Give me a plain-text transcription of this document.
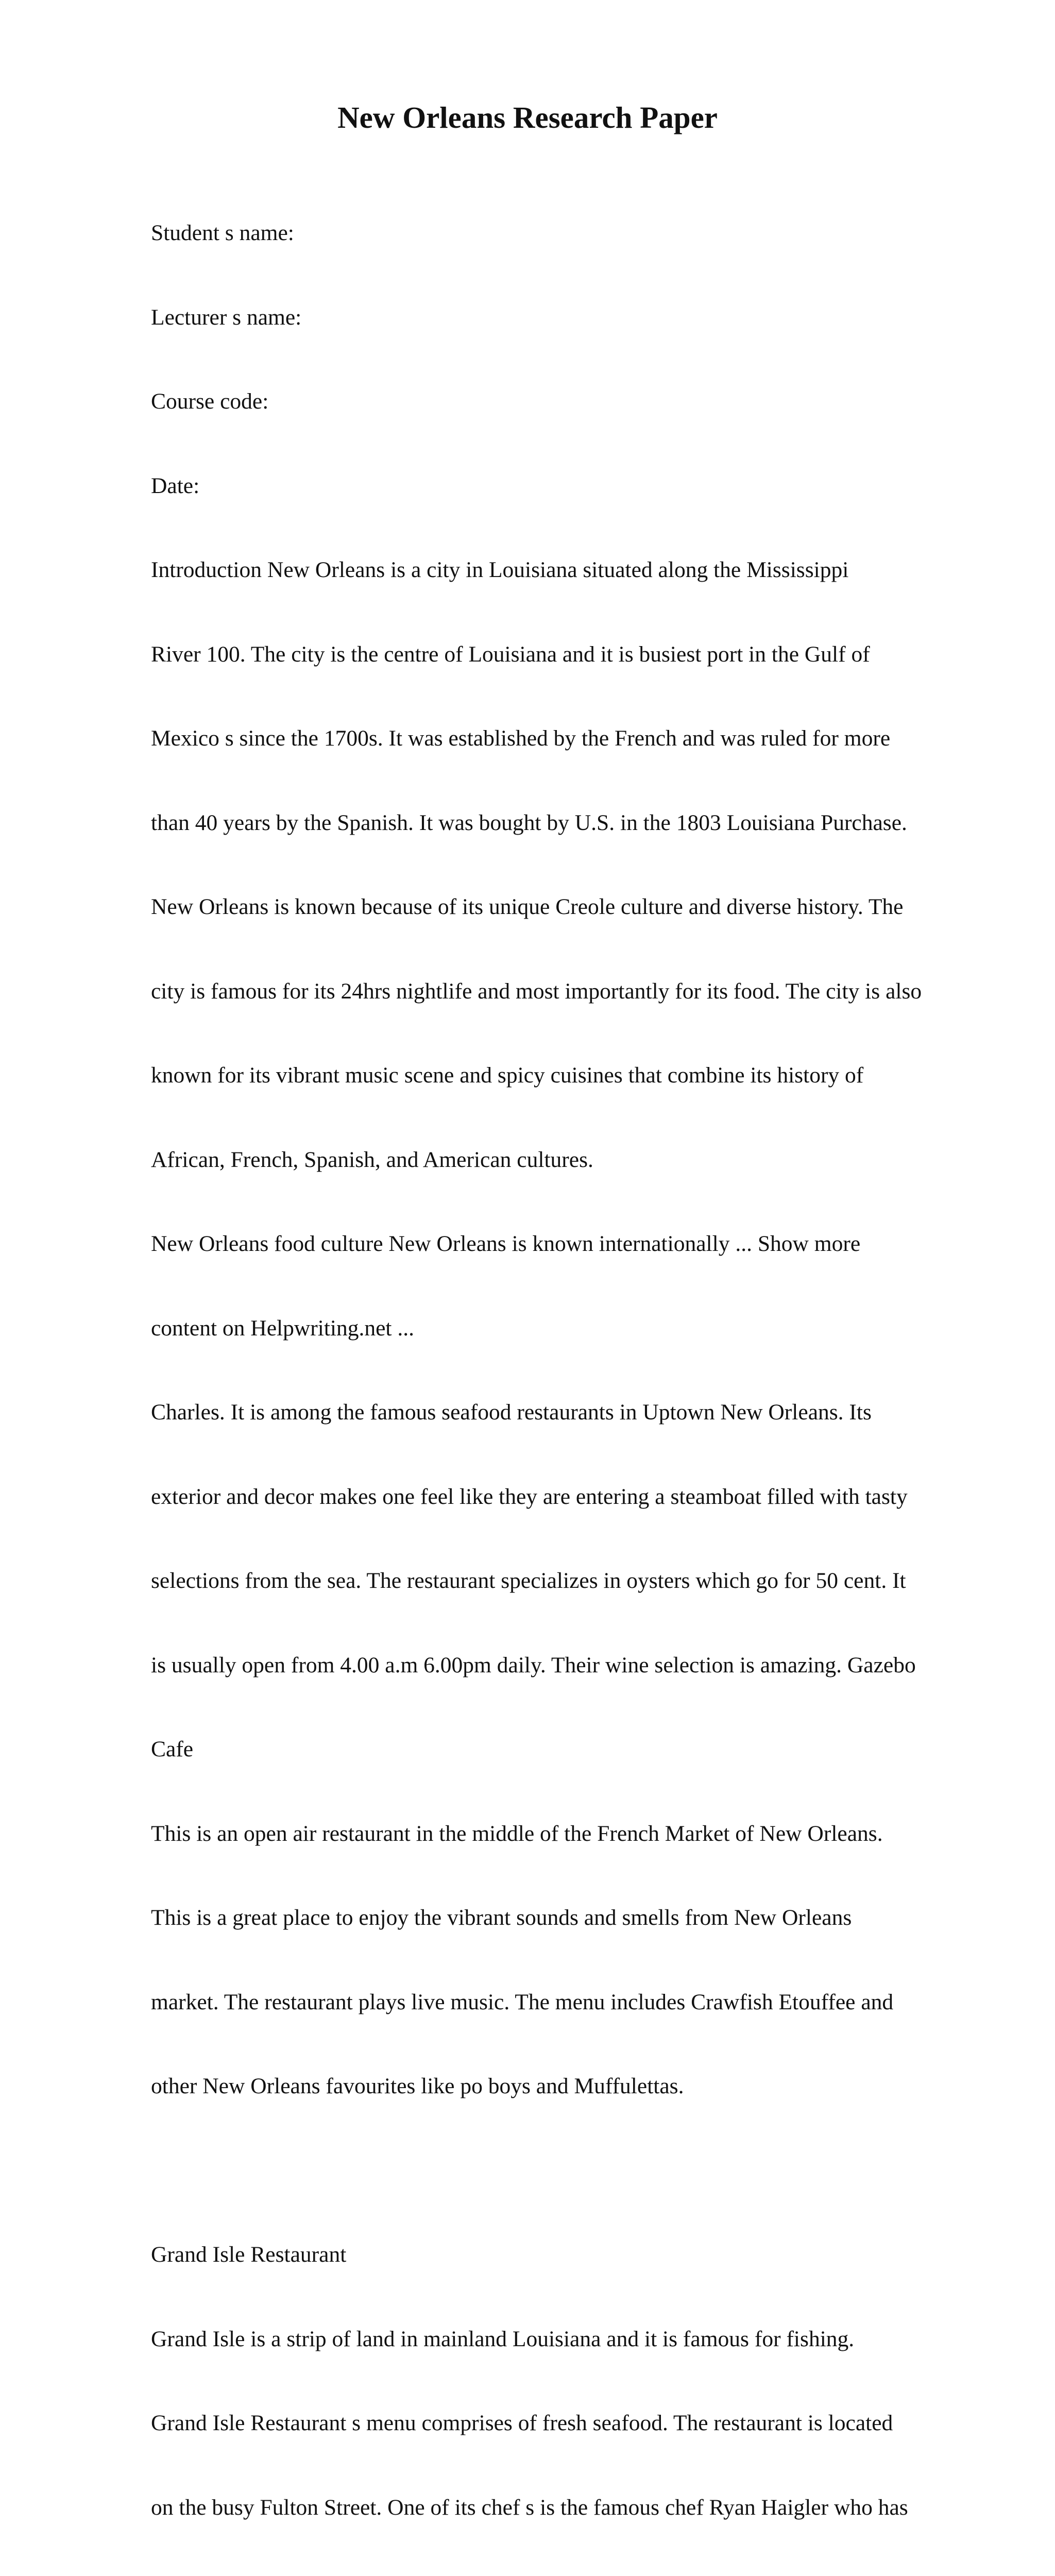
New Orleans Research Paper

Student s name:

Lecturer s name:

Course code:

Date:

Introduction New Orleans is a city in Louisiana situated along the Mississippi

River 100. The city is the centre of Louisiana and it is busiest port in the Gulf of

Mexico s since the 1700s. It was established by the French and was ruled for more

than 40 years by the Spanish. It was bought by U.S. in the 1803 Louisiana Purchase.

New Orleans is known because of its unique Creole culture and diverse history. The

city is famous for its 24hrs nightlife and most importantly for its food. The city is also

known for its vibrant music scene and spicy cuisines that combine its history of

African, French, Spanish, and American cultures.

New Orleans food culture New Orleans is known internationally ... Show more

content on Helpwriting.net ...

Charles. It is among the famous seafood restaurants in Uptown New Orleans. Its

exterior and decor makes one feel like they are entering a steamboat filled with tasty

selections from the sea. The restaurant specializes in oysters which go for 50 cent. It

is usually open from 4.00 a.m 6.00pm daily. Their wine selection is amazing. Gazebo

Cafe

This is an open air restaurant in the middle of the French Market of New Orleans.

This is a great place to enjoy the vibrant sounds and smells from New Orleans

market. The restaurant plays live music. The menu includes Crawfish Etouffee and

other New Orleans favourites like po boys and Muffulettas.

Grand Isle Restaurant

Grand Isle is a strip of land in mainland Louisiana and it is famous for fishing.

Grand Isle Restaurant s menu comprises of fresh seafood. The restaurant is located

on the busy Fulton Street. One of its chef s is the famous chef Ryan Haigler who has
